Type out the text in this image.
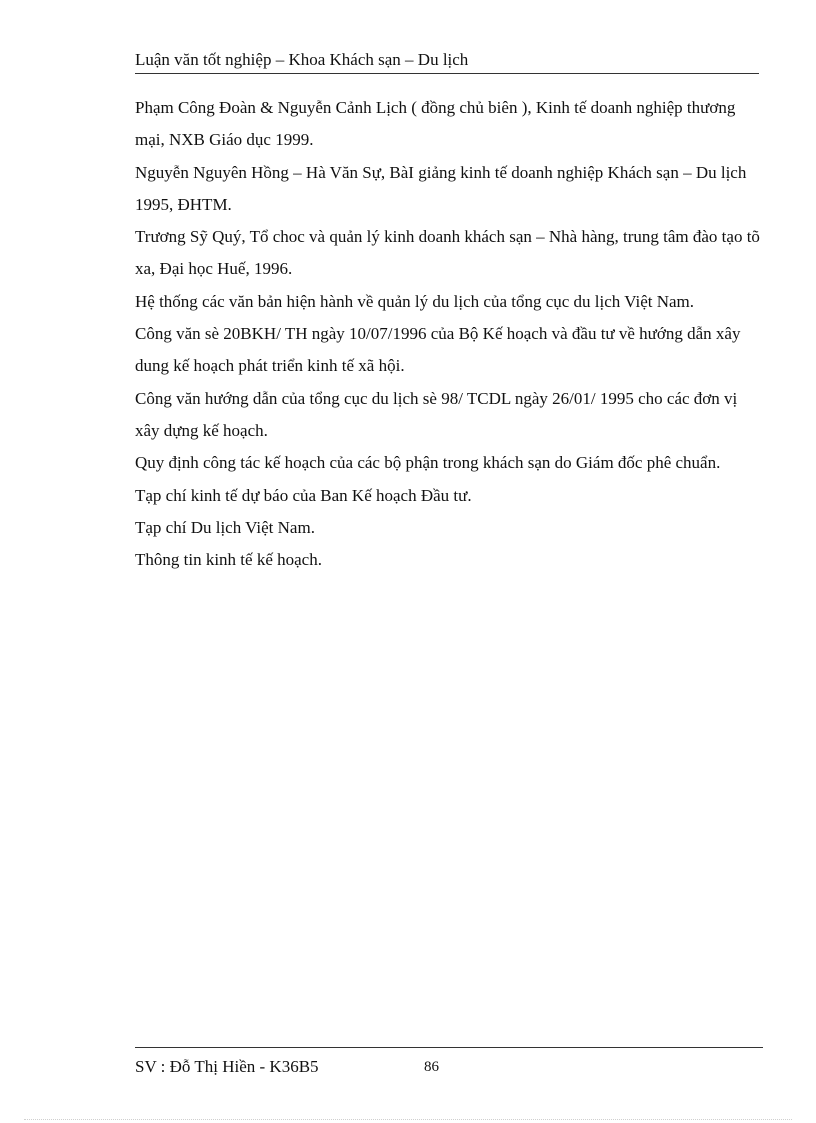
Luận văn tốt nghiệp – Khoa Khách sạn – Du lịch

Phạm Công Đoàn & Nguyễn Cảnh Lịch ( đồng chủ biên ), Kinh tế doanh nghiệp thương mại, NXB Giáo dục 1999.

Nguyễn Nguyên Hồng – Hà Văn Sự, BàI giảng kinh tế doanh nghiệp Khách sạn – Du lịch 1995, ĐHTM.

Trương Sỹ Quý, Tổ choc và quản lý kinh doanh khách sạn – Nhà hàng, trung tâm đào tạo tõ xa, Đại học Huế, 1996.

Hệ thống các văn bản hiện hành về quản lý du lịch của tổng cục du lịch Việt Nam.

Công văn sè 20BKH/ TH ngày 10/07/1996 của Bộ Kế hoạch và đầu tư về hướng dẫn xây dung kế hoạch phát triển kinh tế xã hội.

Công văn hướng dẫn của tổng cục du lịch sè 98/ TCDL ngày 26/01/ 1995 cho các đơn vị xây dựng kế hoạch.

Quy định công tác kế hoạch của các bộ phận trong khách sạn do Giám đốc phê chuẩn.

Tạp chí kinh tế dự báo của Ban Kế hoạch Đầu tư.

Tạp chí Du lịch Việt Nam.

Thông tin kinh tế kế hoạch.

SV : Đỗ Thị Hiền - K36B5	86
